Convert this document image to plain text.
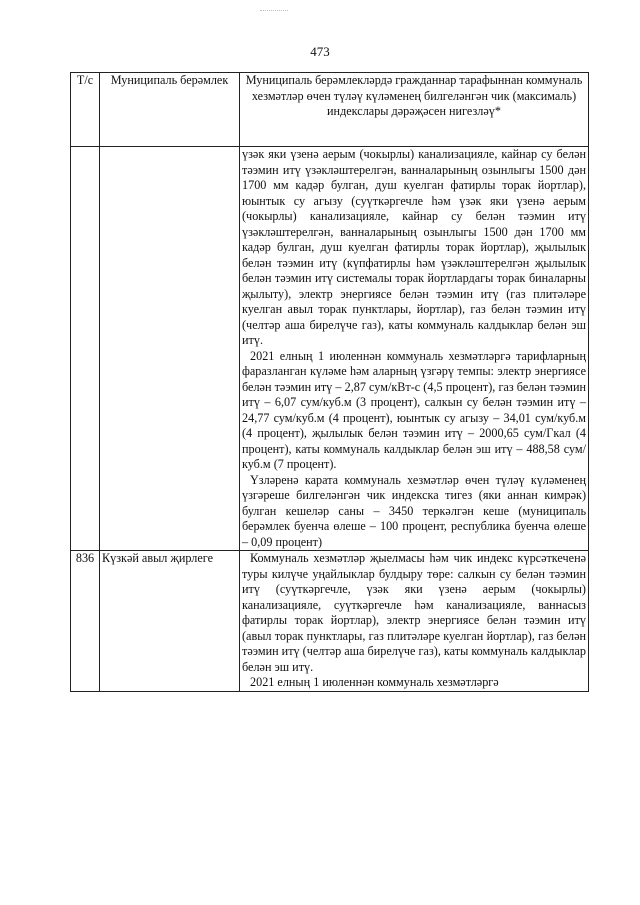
473
Т/с	Муниципаль берәмлек	Муниципаль берәмлекләрдә гражданнар тарафыннан коммуналь хезмәтләр өчен түләү күләменең билгеләнгән чик (максималь) индекслары дәрәҗәсен нигезләү*

		үзәк яки үзенә аерым (чокырлы) канализацияле, кайнар су белән тәэмин итү үзәкләштерелгән, ванналарының озынлыгы 1500 дән 1700 мм кадәр булган, душ куелган фатирлы торак йортлар), юынтык су агызу (суүткәргечле һәм үзәк яки үзенә аерым (чокырлы) канализацияле, кайнар су белән тәэмин итү үзәкләштерелгән, ванналарының озынлыгы 1500 дән 1700 мм кадәр булган, душ куелган фатирлы торак йортлар), җылылык белән тәэмин итү (күпфатирлы һәм үзәкләштерелгән җылылык белән тәэмин итү системалы торак йортлардагы торак биналарны җылыту), электр энергиясе белән тәэмин итү (газ плитәләре куелган авыл торак пунктлары, йортлар), газ белән тәэмин итү (челтәр аша бирелүче газ), каты коммуналь калдыклар белән эш итү.

2021 елның 1 июленнән коммуналь хезмәтләргә тарифларның фаразланган күләме һәм аларның үзгәрү темпы: электр энергиясе белән тәэмин итү – 2,87 сум/кВт-с (4,5 процент), газ белән тәэмин итү – 6,07 сум/куб.м (3 процент), салкын су белән тәэмин итү – 24,77 сум/куб.м (4 процент), юынтык су агызу – 34,01 сум/куб.м (4 процент), җылылык белән тәэмин итү – 2000,65 сум/Гкал (4 процент), каты коммуналь калдыклар белән эш итү – 488,58 сум/куб.м (7 процент).

Үзләренә карата коммуналь хезмәтләр өчен түләү күләменең үзгәреше билгеләнгән чик индекска тигез (яки аннан кимрәк) булган кешеләр саны – 3450 теркәлгән кеше (муниципаль берәмлек буенча өлеше – 100 процент, республика буенча өлеше – 0,09 процент)

836	Күзкәй авыл җирлеге	Коммуналь хезмәтләр җыелмасы һәм чик индекс күрсәткеченә туры килүче уңайлыклар булдыру төре: салкын су белән тәэмин итү (суүткәргечле, үзәк яки үзенә аерым (чокырлы) канализацияле, суүткәргечле һәм канализацияле, ваннасыз фатирлы торак йортлар), электр энергиясе белән тәэмин итү (авыл торак пунктлары, газ плитәләре куелган йортлар), газ белән тәэмин итү (челтәр аша бирелүче газ), каты коммуналь калдыклар белән эш итү.

2021 елның 1 июленнән коммуналь хезмәтләргә
